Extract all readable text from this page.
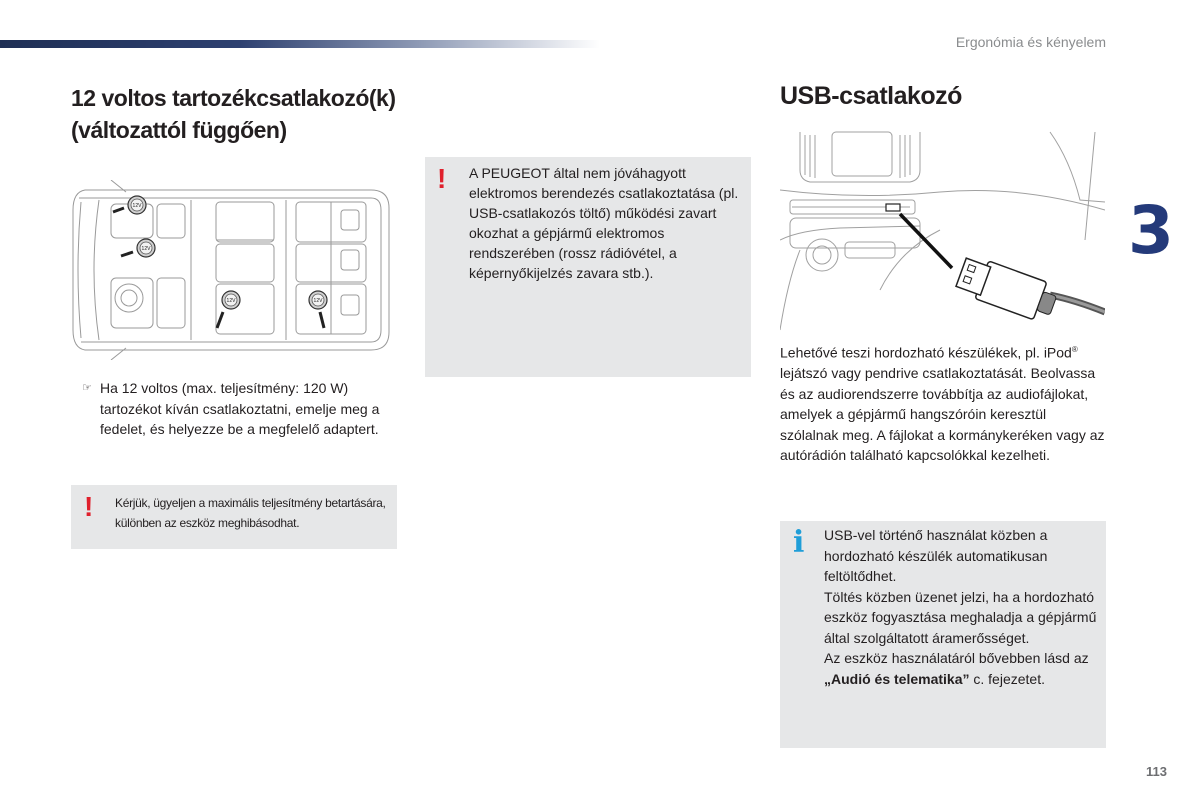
Ergonómia és kényelem
3
113
12 voltos tartozékcsatlakozó(k)
(változattól függően)
12V
12V
12V	12V
☞ Ha 12 voltos (max. teljesítmény: 120 W) tartozékot kíván csatlakoztatni, emelje meg a fedelet, és helyezze be a megfelelő adaptert.
! Kérjük, ügyeljen a maximális teljesítmény betartására, különben az eszköz meghibásodhat.
! A PEUGEOT által nem jóváhagyott elektromos berendezés csatlakoztatása (pl. USB-csatlakozós töltő) működési zavart okozhat a gépjármű elektromos rendszerében (rossz rádióvétel, a képernyőkijelzés zavara stb.).
USB-csatlakozó
Lehetővé teszi hordozható készülékek, pl. iPod® lejátszó vagy pendrive csatlakoztatását. Beolvassa és az audiorendszerre továbbítja az audiofájlokat, amelyek a gépjármű hangszóróin keresztül szólalnak meg. A fájlokat a kormánykeréken vagy az autórádión található kapcsolókkal kezelheti.
i USB-vel történő használat közben a hordozható készülék automatikusan feltöltődhet.

Töltés közben üzenet jelzi, ha a hordozható eszköz fogyasztása meghaladja a gépjármű által szolgáltatott áramerősséget.

Az eszköz használatáról bővebben lásd az „Audió és telematika” c. fejezetet.
